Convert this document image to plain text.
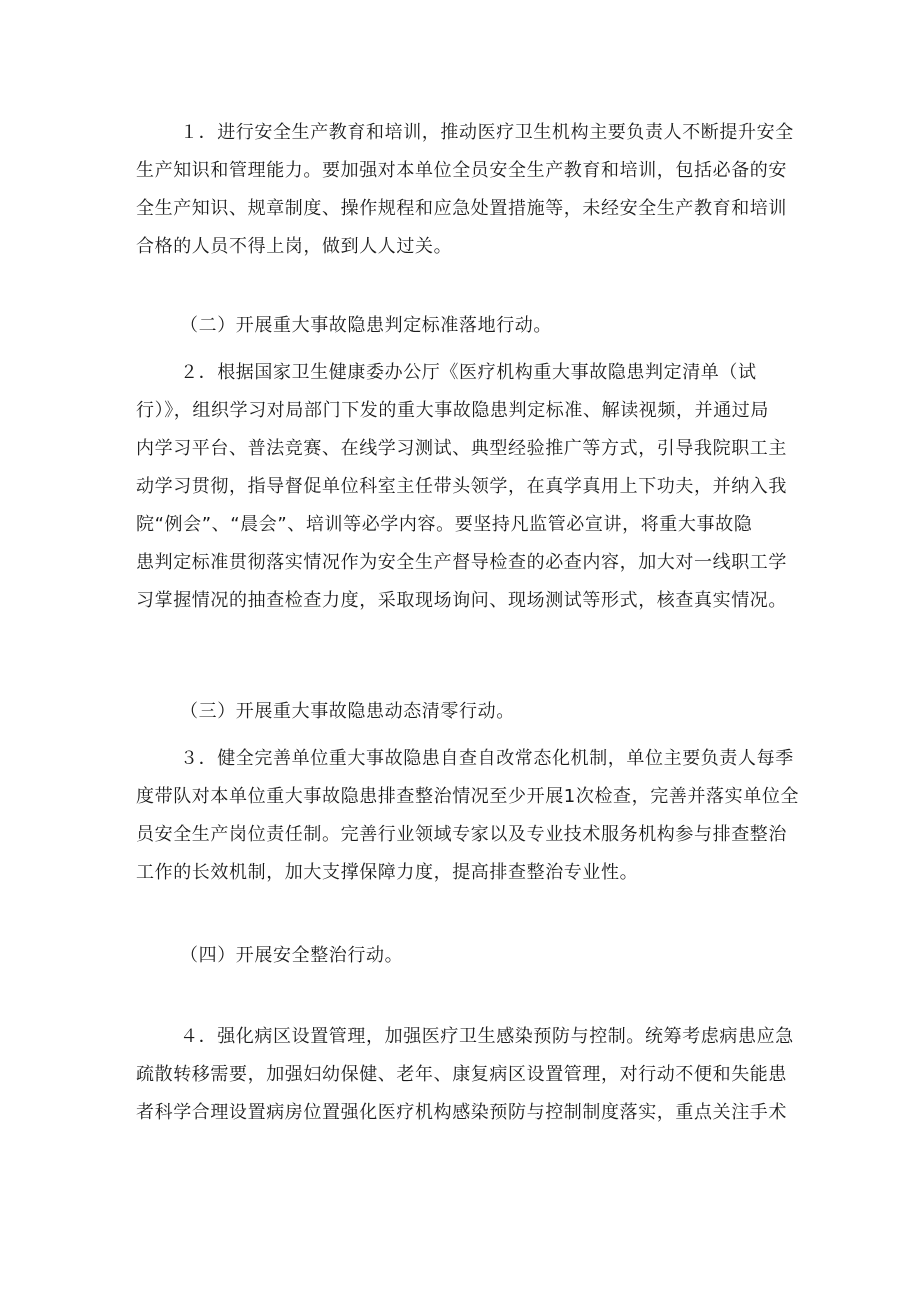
１．进行安全生产教育和培训，推动医疗卫生机构主要负责人不断提升安全
生产知识和管理能力。要加强对本单位全员安全生产教育和培训，包括必备的安
全生产知识、规章制度、操作规程和应急处置措施等，未经安全生产教育和培训
合格的人员不得上岗，做到人人过关。
（二）开展重大事故隐患判定标准落地行动。
２．根据国家卫生健康委办公厅《医疗机构重大事故隐患判定清单（试
行）》，组织学习对局部门下发的重大事故隐患判定标准、解读视频，并通过局
内学习平台、普法竞赛、在线学习测试、典型经验推广等方式，引导我院职工主
动学习贯彻，指导督促单位科室主任带头领学，在真学真用上下功夫，并纳入我
院“例会”、“晨会”、培训等必学内容。要坚持凡监管必宣讲，将重大事故隐
患判定标准贯彻落实情况作为安全生产督导检查的必查内容，加大对一线职工学
习掌握情况的抽查检查力度，采取现场询问、现场测试等形式，核查真实情况。
（三）开展重大事故隐患动态清零行动。
３．健全完善单位重大事故隐患自查自改常态化机制，单位主要负责人每季
度带队对本单位重大事故隐患排查整治情况至少开展1次检查，完善并落实单位全
员安全生产岗位责任制。完善行业领域专家以及专业技术服务机构参与排查整治
工作的长效机制，加大支撑保障力度，提高排查整治专业性。
（四）开展安全整治行动。
４．强化病区设置管理，加强医疗卫生感染预防与控制。统筹考虑病患应急
疏散转移需要，加强妇幼保健、老年、康复病区设置管理，对行动不便和失能患
者科学合理设置病房位置强化医疗机构感染预防与控制制度落实，重点关注手术
